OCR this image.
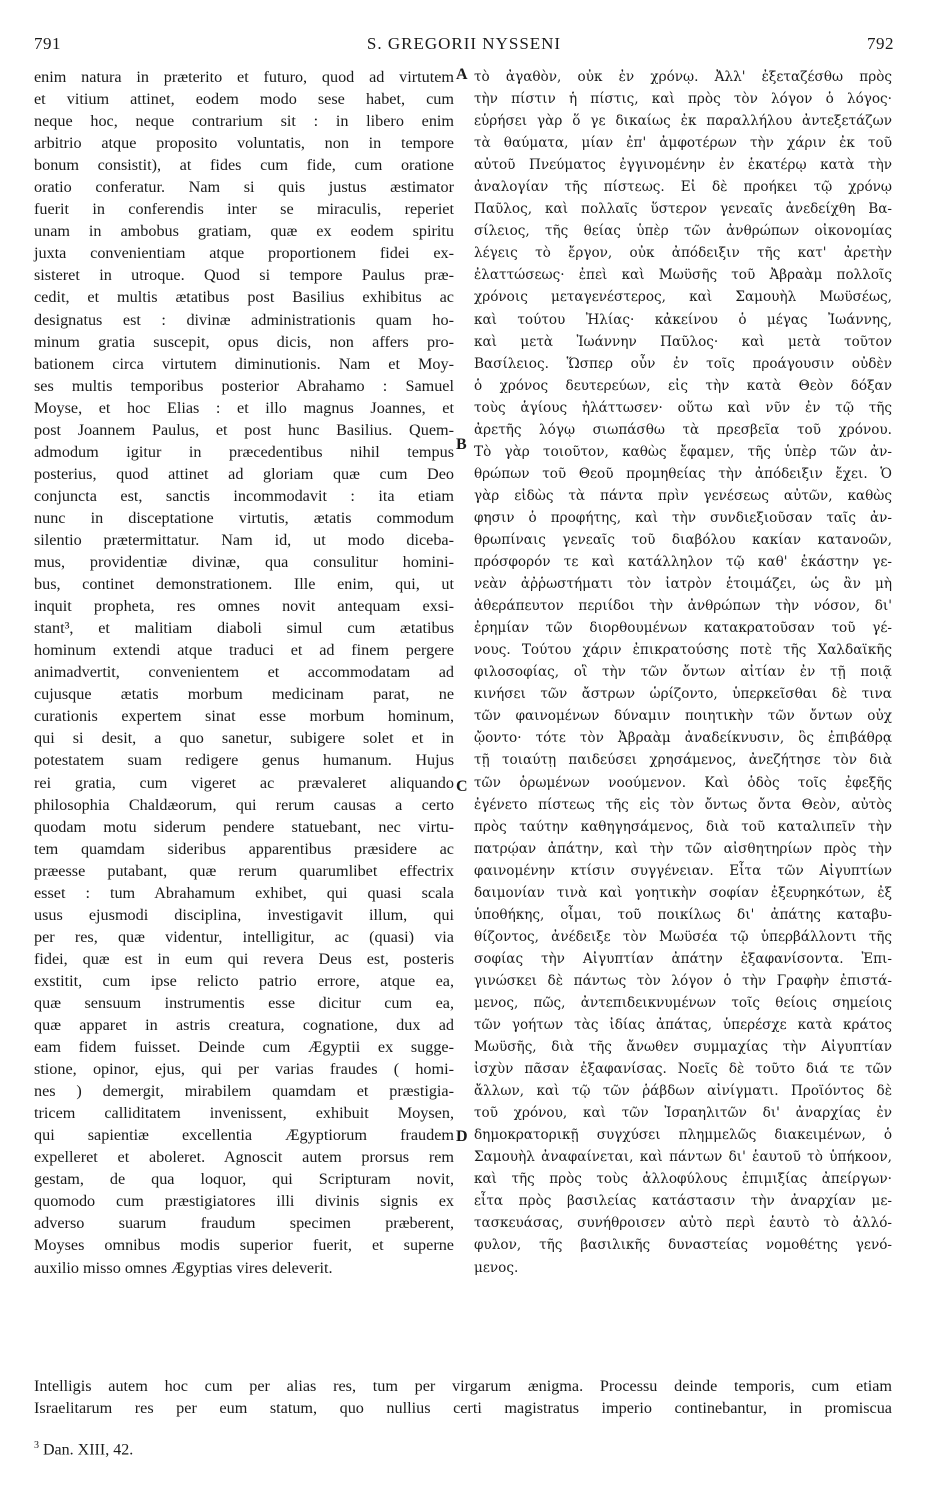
791	S. GREGORII NYSSENI	792
enim natura in præterito et futuro, quod ad virtutem
et vitium attinet, eodem modo sese habet, cum
neque hoc, neque contrarium sit : in libero enim
arbitrio atque proposito voluntatis, non in tempore
bonum consistit), at fides cum fide, cum oratione
oratio conferatur. Nam si quis justus æstimator
fuerit in conferendis inter se miraculis, reperiet
unam in ambobus gratiam, quæ ex eodem spiritu
juxta convenientiam atque proportionem fidei ex-
sisteret in utroque. Quod si tempore Paulus præ-
cedit, et multis ætatibus post Basilius exhibitus ac
designatus est : divinæ administrationis quam ho-
minum gratia suscepit, opus dicis, non affers pro-
bationem circa virtutem diminutionis. Nam et Moy-
ses multis temporibus posterior Abrahamo : Samuel
Moyse, et hoc Elias : et illo magnus Joannes, et
post Joannem Paulus, et post hunc Basilius. Quem-
admodum igitur in præcedentibus nihil tempus
posterius, quod attinet ad gloriam quæ cum Deo
conjuncta est, sanctis incommodavit : ita etiam
nunc in disceptatione virtutis, ætatis commodum
silentio prætermittatur. Nam id, ut modo diceba-
mus, providentiæ divinæ, qua consulitur homini-
bus, continet demonstrationem. Ille enim, qui, ut
inquit propheta, res omnes novit antequam exsi-
stant³, et malitiam diaboli simul cum ætatibus
hominum extendi atque traduci et ad finem pergere
animadvertit, convenientem et accommodatam ad
cujusque ætatis morbum medicinam parat, ne
curationis expertem sinat esse morbum hominum,
qui si desit, a quo sanetur, subigere solet et in
potestatem suam redigere genus humanum. Hujus
rei gratia, cum vigeret ac prævaleret aliquando
philosophia Chaldæorum, qui rerum causas a certo
quodam motu siderum pendere statuebant, nec virtu-
tem quamdam sideribus apparentibus præsidere ac
præesse putabant, quæ rerum quarumlibet effectrix
esset : tum Abrahamum exhibet, qui quasi scala
usus ejusmodi disciplina, investigavit illum, qui
per res, quæ videntur, intelligitur, ac (quasi) via
fidei, quæ est in eum qui revera Deus est, posteris
exstitit, cum ipse relicto patrio errore, atque ea,
quæ sensuum instrumentis esse dicitur cum ea,
quæ apparet in astris creatura, cognatione, dux ad
eam fidem fuisset. Deinde cum Ægyptii ex sugge-
stione, opinor, ejus, qui per varias fraudes ( homi-
nes ) demergit, mirabilem quamdam et præstigia-
tricem calliditatem invenissent, exhibuit Moysen,
qui sapientiæ excellentia Ægyptiorum fraudem
expelleret et aboleret. Agnoscit autem prorsus rem
gestam, de qua loquor, qui Scripturam novit,
quomodo cum præstigiatores illi divinis signis ex
adverso suarum fraudum specimen præberent,
Moyses omnibus modis superior fuerit, et superne
auxilio misso omnes Ægyptias vires deleverit.
τὸ ἀγαθὸν, οὐκ ἐν χρόνῳ. Ἀλλ' ἐξεταζέσθω πρὸς
τὴν πίστιν ἡ πίστις, καὶ πρὸς τὸν λόγον ὁ λόγος·
εὑρήσει γὰρ ὅ γε δικαίως ἐκ παραλλήλου ἀντεξετάζων
τὰ θαύματα, μίαν ἐπ' ἀμφοτέρων τὴν χάριν ἐκ τοῦ
αὐτοῦ Πνεύματος ἐγγινομένην ἐν ἑκατέρῳ κατὰ τὴν
ἀναλογίαν τῆς πίστεως. Εἰ δὲ προήκει τῷ χρόνῳ
Παῦλος, καὶ πολλαῖς ὕστερον γενεαῖς ἀνεδείχθη Βα-
σίλειος, τῆς θείας ὑπὲρ τῶν ἀνθρώπων οἰκονομίας
λέγεις τὸ ἔργον, οὐκ ἀπόδειξιν τῆς κατ' ἀρετὴν
ἐλαττώσεως· ἐπεὶ καὶ Μωϋσῆς τοῦ Ἀβραὰμ πολλοῖς
χρόνοις μεταγενέστερος, καὶ Σαμουὴλ Μωϋσέως,
καὶ τούτου Ἠλίας· κἀκείνου ὁ μέγας Ἰωάννης,
καὶ μετὰ Ἰωάννην Παῦλος· καὶ μετὰ τοῦτον
Βασίλειος. Ὥσπερ οὖν ἐν τοῖς προάγουσιν οὐδὲν
ὁ χρόνος δευτερεύων, εἰς τὴν κατὰ Θεὸν δόξαν
τοὺς ἁγίους ἠλάττωσεν· οὕτω καὶ νῦν ἐν τῷ τῆς
ἀρετῆς λόγῳ σιωπάσθω τὰ πρεσβεῖα τοῦ χρόνου.
Τὸ γὰρ τοιοῦτον, καθὼς ἔφαμεν, τῆς ὑπὲρ τῶν ἀν-
θρώπων τοῦ Θεοῦ προμηθείας τὴν ἀπόδειξιν ἔχει. Ὁ
γὰρ εἰδὼς τὰ πάντα πρὶν γενέσεως αὐτῶν, καθὼς
φησιν ὁ προφήτης, καὶ τὴν συνδιεξιοῦσαν ταῖς ἀν-
θρωπίναις γενεαῖς τοῦ διαβόλου κακίαν κατανοῶν,
πρόσφορόν τε καὶ κατάλληλον τῷ καθ' ἑκάστην γε-
νεὰν ἀῤῥωστήματι τὸν ἰατρὸν ἑτοιμάζει, ὡς ἂν μὴ
ἀθεράπευτον περιίδοι τὴν ἀνθρώπων τὴν νόσον, δι'
ἐρημίαν τῶν διορθουμένων κατακρατοῦσαν τοῦ γέ-
νους. Τούτου χάριν ἐπικρατούσης ποτὲ τῆς Χαλδαϊκῆς
φιλοσοφίας, οἳ τὴν τῶν ὄντων αἰτίαν ἐν τῇ ποιᾷ
κινήσει τῶν ἄστρων ὡρίζοντο, ὑπερκεῖσθαι δὲ τινα
τῶν φαινομένων δύναμιν ποιητικὴν τῶν ὄντων οὐχ
ᾤοντο· τότε τὸν Ἀβραὰμ ἀναδείκνυσιν, ὃς ἐπιβάθρᾳ
τῇ τοιαύτῃ παιδεύσει χρησάμενος, ἀνεζήτησε τὸν διὰ
τῶν ὁρωμένων νοούμενον. Καὶ ὁδὸς τοῖς ἐφεξῆς
ἐγένετο πίστεως τῆς εἰς τὸν ὄντως ὄντα Θεὸν, αὐτὸς
πρὸς ταύτην καθηγησάμενος, διὰ τοῦ καταλιπεῖν τὴν
πατρῴαν ἀπάτην, καὶ τὴν τῶν αἰσθητηρίων πρὸς τὴν
φαινομένην κτίσιν συγγένειαν. Εἶτα τῶν Αἰγυπτίων
δαιμονίαν τινὰ καὶ γοητικὴν σοφίαν ἐξευρηκότων, ἐξ
ὑποθήκης, οἶμαι, τοῦ ποικίλως δι' ἀπάτης καταβυ-
θίζοντος, ἀνέδειξε τὸν Μωϋσέα τῷ ὑπερβάλλοντι τῆς
σοφίας τὴν Αἰγυπτίαν ἀπάτην ἐξαφανίσοντα. Ἐπι-
γινώσκει δὲ πάντως τὸν λόγον ὁ τὴν Γραφὴν ἐπιστά-
μενος, πῶς, ἀντεπιδεικνυμένων τοῖς θείοις σημείοις
τῶν γοήτων τὰς ἰδίας ἀπάτας, ὑπερέσχε κατὰ κράτος
Μωϋσῆς, διὰ τῆς ἄνωθεν συμμαχίας τὴν Αἰγυπτίαν
ἰσχὺν πᾶσαν ἐξαφανίσας. Νοεῖς δὲ τοῦτο διά τε τῶν
ἄλλων, καὶ τῷ τῶν ῥάβδων αἰνίγματι. Προϊόντος δὲ
τοῦ χρόνου, καὶ τῶν Ἰσραηλιτῶν δι' ἀναρχίας ἐν
δημοκρατορικῇ συγχύσει πλημμελῶς διακειμένων, ὁ
Σαμουὴλ ἀναφαίνεται, καὶ πάντων δι' ἑαυτοῦ τὸ ὑπήκοον,
καὶ τῆς πρὸς τοὺς ἀλλοφύλους ἐπιμιξίας ἀπείργων·
εἶτα πρὸς βασιλείας κατάστασιν τὴν ἀναρχίαν με-
τασκευάσας, συνήθροισεν αὐτὸ περὶ ἑαυτὸ τὸ ἀλλό-
φυλον, τῆς βασιλικῆς δυναστείας νομοθέτης γενό-
μενος.
A
B
C
D
Intelligis autem hoc cum per alias res, tum per virgarum ænigma. Processu deinde temporis, cum etiam
Israelitarum res per eum statum, quo nullius certi magistratus imperio continebantur, in promiscua
$^3$ Dan. XIII, 42.
